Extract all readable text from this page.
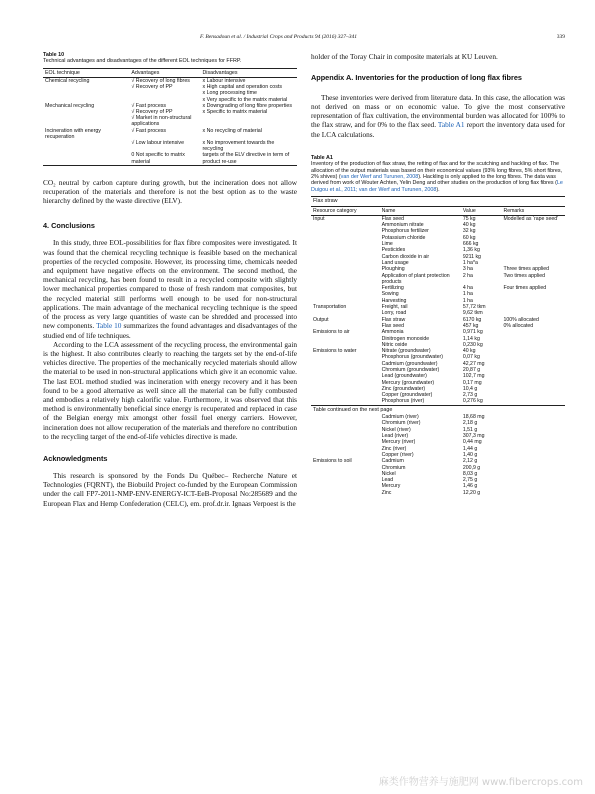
F. Bensadoun et al. / Industrial Crops and Products 94 (2016) 327–341	339
Table 10
Technical advantages and disadvantages of the different EOL techniques for FFRP.
EOL technique	Advantages	Disadvantages
Chemical recycling	√ Recovery of long fibres	x Labour intensive
	√ Recovery of PP	x High capital and operation costs
		x Long processing time
		x Very specific to the matrix material
Mechanical recycling	√ Fast process	x Downgrading of long fibre properties
	√ Recovery of PP	x Specific to matrix material
	√ Market in non-structural applications	
Incineration with energy recuperation	√ Fast process	x No recycling of material
	√ Low labour intensive	x No improvement towards the recycling
	0 Not specific to matrix material	targets of the ELV directive in term of product re-use

CO₂ neutral by carbon capture during growth, but the incineration does not allow recuperation of the materials and therefore is not the best option as to the waste hierarchy defined by the waste directive (ELV).

4. Conclusions

In this study, three EOL-possibilities for flax fibre composites were investigated. It was found that the chemical recycling technique is feasible based on the mechanical properties of the recycled composite. However, its processing time, chemicals needed and equipment have negative effects on the environment. The second method, the mechanical recycling, has been found to result in a recycled composite with slightly lower mechanical properties compared to those of fresh random mat composites, but the recycled material still performs well enough to be used for non-structural applications. The main advantage of the mechanical recycling technique is the speed of the process as very large quantities of waste can be shredded and processed into new components. Table 10 summarizes the found advantages and disadvantages of the studied end of life techniques.

According to the LCA assessment of the recycling process, the environmental gain is the highest. It also contributes clearly to reaching the targets set by the end-of-life vehicles directive. The properties of the mechanically recycled materials should allow the material to be used in non-structural applications which give it an economic value. The last EOL method studied was incineration with energy recovery and it has been found to be a good alternative as well since all the material can be fully combusted and embodies a relatively high calorific value. Furthermore, it was observed that this method is environmentally beneficial since energy is recuperated and replaced in case of the Belgian energy mix amongst other fossil fuel energy carriers. However, incineration does not allow recuperation of the materials and therefore no contribution to the recycling target of the end-of-life vehicles directive is made.

Acknowledgments

This research is sponsored by the Fonds Du Québec– Recherche Nature et Technologies (FQRNT), the Biobuild Project co-funded by the European Commission under the call FP7-2011-NMP-ENV-ENERGY-ICT-EeB-Proposal No:285689 and the European Flax and Hemp Confederation (CELC), em. prof.dr.ir. Ignaas Verpoest is the

holder of the Toray Chair in composite materials at KU Leuven.

Appendix A. Inventories for the production of long flax fibres

These inventories were derived from literature data. In this case, the allocation was not derived on mass or on economic value. To give the most conservative representation of flax cultivation, the environmental burden was allocated for 100% to the flax straw, and for 0% to the flax seed. Table A1 report the inventory data used for the LCA calculations.

Table A1
Inventory of the production of flax straw, the retting of flax and for the scutching and hackling of flax. The allocation of the output materials was based on their economical values (93% long fibres, 5% short fibres, 2% shives) (van der Werf and Turunen, 2008). Hackling is only applied to the long fibres. The data was derived from work of Wouter Achten, Yelin Deng and other studies on the production of long flax fibres (Le Duigou et al., 2011; van der Werf and Turunen, 2008).
Flax straw
Resource category	Name	Value	Remarks
Input	Flax seed	75 kg	Modelled as ‘rape seed’
	Ammonium nitrate	40 kg	
	Phosphorus fertilizer	32 kg	
	Potassium chloride	60 kg	
	Lime	666 kg	
	Pesticides	1,36 kg	
	Carbon dioxide in air	9211 kg	
	Land usage	1 ha*a	
	Ploughing	3 ha	Three times applied
	Application of plant protection products	2 ha	Two times applied
	Fertilizing	4 ha	Four times applied
	Sowing	1 ha	
	Harvesting	1 ha	
Transportation	Freight, rail	57,72 tkm	
	Lorry, road	9,62 tkm	
Output	Flax straw	6170 kg	100% allocated
	Flax seed	457 kg	0% allocated
Emissions to air	Ammonia	0,971 kg	
	Dinitrogen monoxide	1,14 kg	
	Nitric oxide	0,230 kg	
Emissions to water	Nitrate (groundwater)	40 kg	
	Phosphorus (groundwater)	0,07 kg	
	Cadmium (groundwater)	42,27 mg	
	Chromium (groundwater)	20,87 g	
	Lead (groundwater)	102,7 mg	
	Mercury (groundwater)	0,17 mg	
	Zinc (groundwater)	10,4 g	
	Copper (groundwater)	2,73 g	
	Phosphorus (river)	0,276 kg	
Table continued on the next page
	Cadmium (river)	18,68 mg	
	Chromium (river)	2,18 g	
	Nickel (river)	1,51 g	
	Lead (river)	307,3 mg	
	Mercury (river)	0,44 mg	
	Zinc (river)	1,44 g	
	Copper (river)	1,40 g	
Emissions to soil	Cadmium	2,12 g	
	Chromium	200,9 g	
	Nickel	8,03 g	
	Lead	2,75 g	
	Mercury	1,46 g	
	Zinc	12,20 g	
麻类作物营养与施肥网 www.fibercrops.com
